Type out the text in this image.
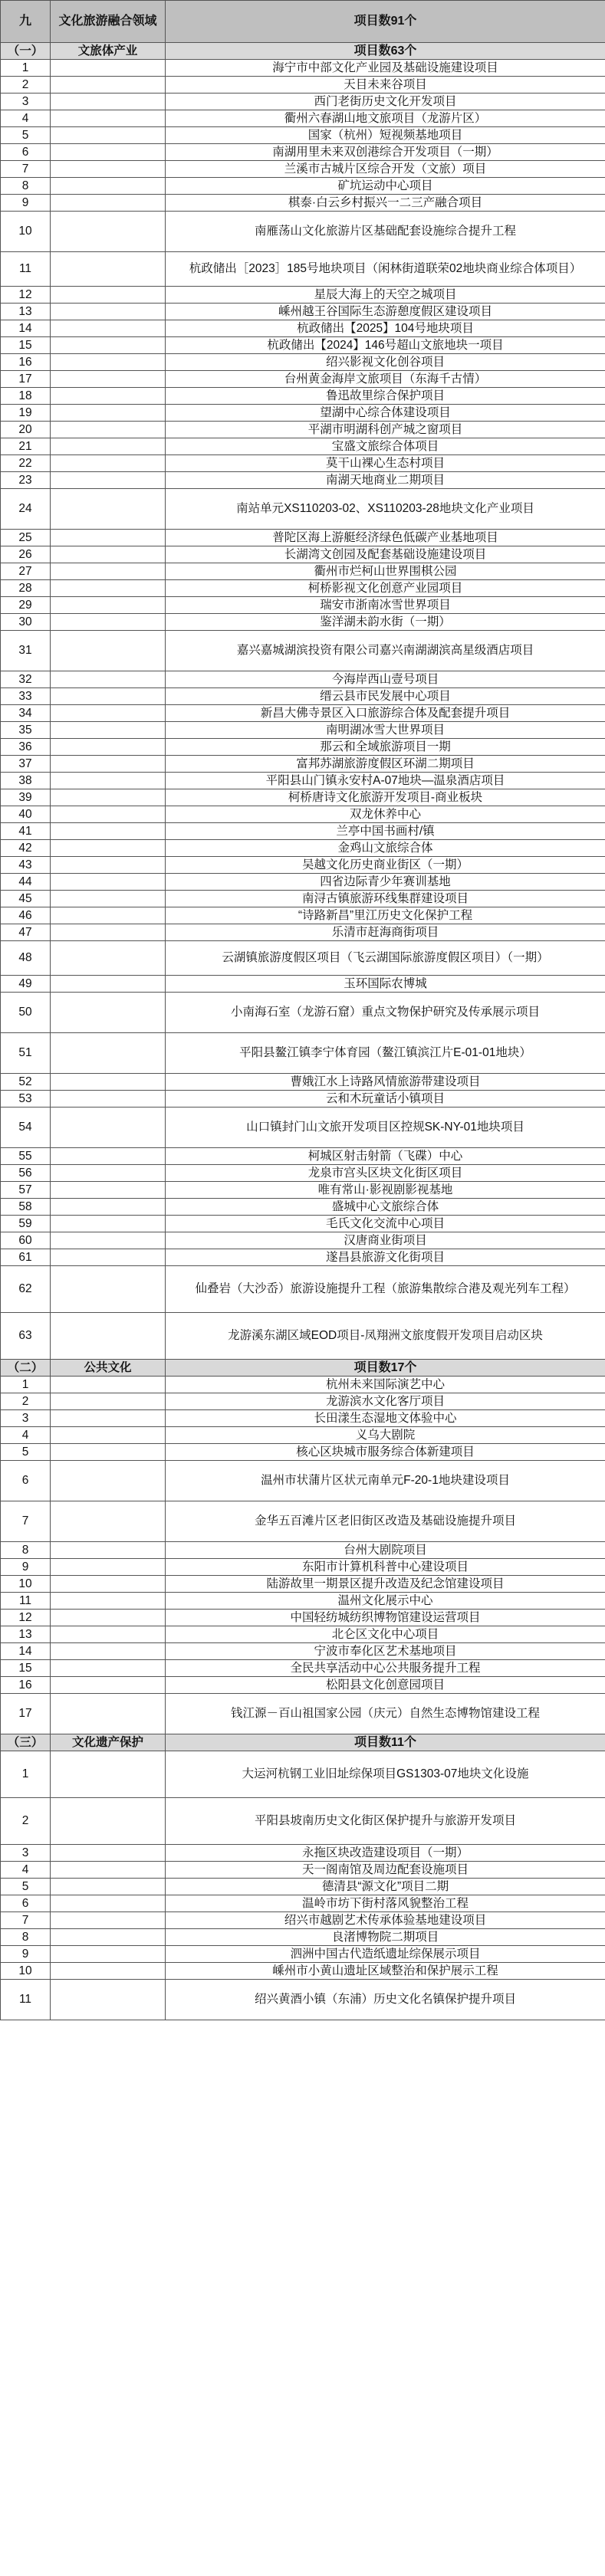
九	文化旅游融合领域	项目数91个
（一）	文旅体产业	项目数63个
1		海宁市中部文化产业园及基础设施建设项目
2		天目未来谷项目
3		西门老街历史文化开发项目
4		衢州六春湖山地文旅项目（龙游片区）
5		国家（杭州）短视频基地项目
6		南湖用里未来双创港综合开发项目（一期）
7		兰溪市古城片区综合开发（文旅）项目
8		矿坑运动中心项目
9		棋泰·白云乡村振兴一二三产融合项目
10		南雁荡山文化旅游片区基础配套设施综合提升工程
11		杭政储出［2023］185号地块项目（闲林街道联荣02地块商业综合体项目）
12		星辰大海上的天空之城项目
13		嵊州越王谷国际生态游憩度假区建设项目
14		杭政储出【2025】104号地块项目
15		杭政储出【2024】146号超山文旅地块一项目
16		绍兴影视文化创谷项目
17		台州黄金海岸文旅项目（东海千古情）
18		鲁迅故里综合保护项目
19		望湖中心综合体建设项目
20		平湖市明湖科创产城之窗项目
21		宝盛文旅综合体项目
22		莫干山裸心生态村项目
23		南湖天地商业二期项目
24		南站单元XS110203-02、XS110203-28地块文化产业项目
25		普陀区海上游艇经济绿色低碳产业基地项目
26		长湖湾文创园及配套基础设施建设项目
27		衢州市烂柯山世界围棋公园
28		柯桥影视文化创意产业园项目
29		瑞安市浙南冰雪世界项目
30		鉴洋湖未韵水街（一期）
31		嘉兴嘉城湖滨投资有限公司嘉兴南湖湖滨高星级酒店项目
32		今海岸西山壹号项目
33		缙云县市民发展中心项目
34		新昌大佛寺景区入口旅游综合体及配套提升项目
35		南明湖冰雪大世界项目
36		那云和全域旅游项目一期
37		富邦苏湖旅游度假区环湖二期项目
38		平阳县山门镇永安村A-07地块—温泉酒店项目
39		柯桥唐诗文化旅游开发项目-商业板块
40		双龙休养中心
41		兰亭中国书画村/镇
42		金鸡山文旅综合体
43		吴越文化历史商业街区（一期）
44		四省边际青少年赛训基地
45		南浔古镇旅游环线集群建设项目
46		“诗路新昌”里江历史文化保护工程
47		乐清市赶海商街项目
48		云湖镇旅游度假区项目（飞云湖国际旅游度假区项目）（一期）
49		玉环国际农博城
50		小南海石室（龙游石窟）重点文物保护研究及传承展示项目
51		平阳县鳌江镇李宁体育园（鳌江镇滨江片E-01-01地块）
52		曹娥江水上诗路风情旅游带建设项目
53		云和木玩童话小镇项目
54		山口镇封门山文旅开发项目区控规SK-NY-01地块项目
55		柯城区射击射箭（飞碟）中心
56		龙泉市宫头区块文化街区项目
57		唯有常山·影视剧影视基地
58		盛城中心文旅综合体
59		毛氏文化交流中心项目
60		汉唐商业街项目
61		遂昌县旅游文化街项目
62		仙叠岩（大沙岙）旅游设施提升工程（旅游集散综合港及观光列车工程）
63		龙游溪东湖区域EOD项目-凤翔洲文旅度假开发项目启动区块
（二）	公共文化	项目数17个
1		杭州未来国际演艺中心
2		龙游滨水文化客厅项目
3		长田漾生态湿地文体验中心
4		义乌大剧院
5		核心区块城市服务综合体新建项目
6		温州市状蒲片区状元南单元F-20-1地块建设项目
7		金华五百滩片区老旧街区改造及基础设施提升项目
8		台州大剧院项目
9		东阳市计算机科普中心建设项目
10		陆游故里一期景区提升改造及纪念馆建设项目
11		温州文化展示中心
12		中国轻纺城纺织博物馆建设运营项目
13		北仑区文化中心项目
14		宁波市奉化区艺术基地项目
15		全民共享活动中心公共服务提升工程
16		松阳县文化创意园项目
17		钱江源－百山祖国家公园（庆元）自然生态博物馆建设工程
（三）	文化遗产保护	项目数11个
1		大运河杭钢工业旧址综保项目GS1303-07地块文化设施
2		平阳县坡南历史文化街区保护提升与旅游开发项目
3		永拖区块改造建设项目（一期）
4		天一阁南馆及周边配套设施项目
5		德清县“源文化”项目二期
6		温岭市坊下街村落风貌整治工程
7		绍兴市越剧艺术传承体验基地建设项目
8		良渚博物院二期项目
9		泗洲中国古代造纸遗址综保展示项目
10		嵊州市小黄山遗址区域整治和保护展示工程
11		绍兴黄酒小镇（东浦）历史文化名镇保护提升项目
